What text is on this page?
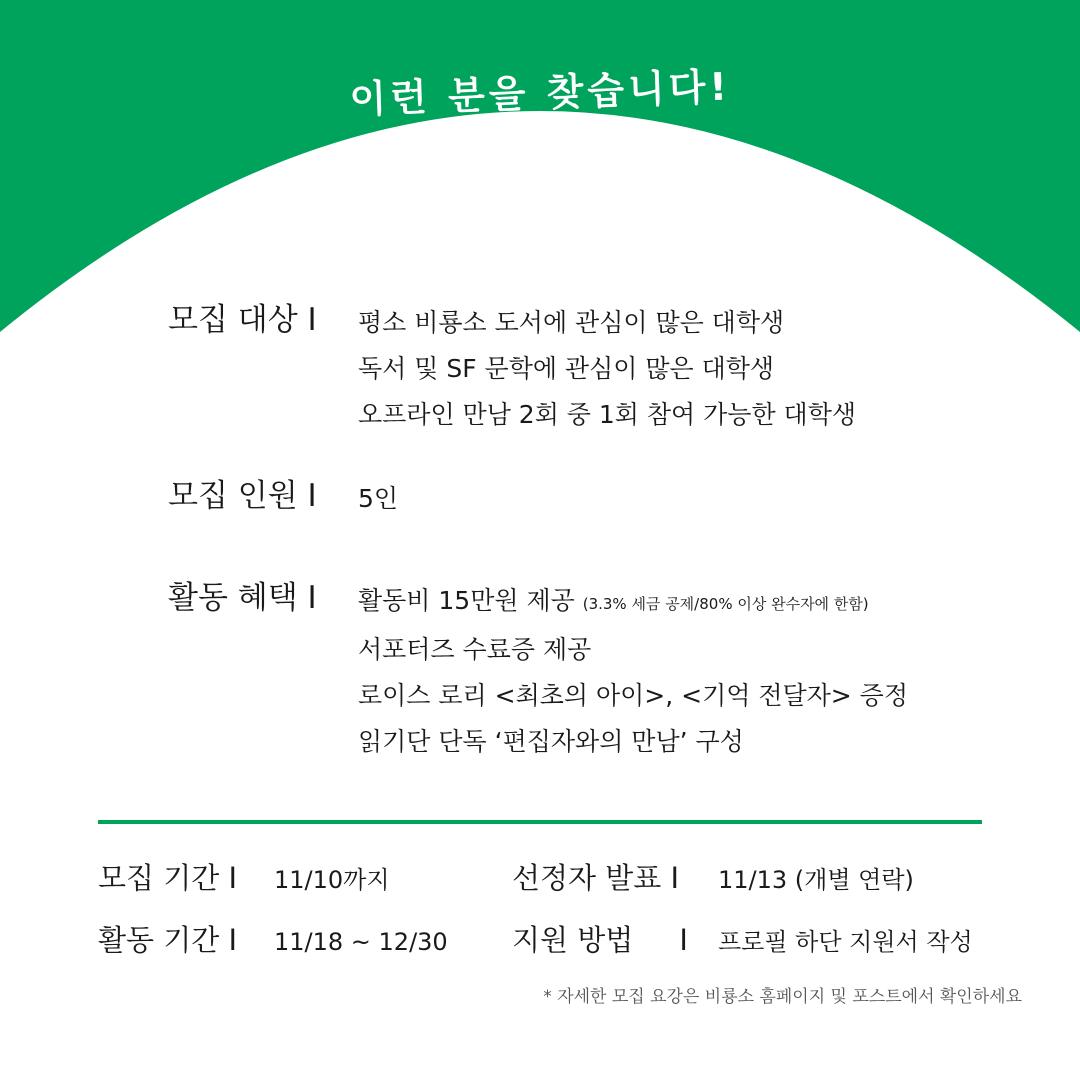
이런 분을 찾습니다!
모집 대상 I	평소 비룡소 도서에 관심이 많은 대학생
독서 및 SF 문학에 관심이 많은 대학생
오프라인 만남 2회 중 1회 참여 가능한 대학생
모집 인원 I	5인
활동 혜택 I	활동비 15만원 제공 (3.3% 세금 공제/80% 이상 완수자에 한함)
서포터즈 수료증 제공
로이스 로리 <최초의 아이>, <기억 전달자> 증정
읽기단 단독 ‘편집자와의 만남’ 구성
모집 기간 I	11/10까지
활동 기간 I	11/18 ~ 12/30
선정자 발표 I	11/13 (개별 연락)
지원 방법     I	프로필 하단 지원서 작성
* 자세한 모집 요강은 비룡소 홈페이지 및 포스트에서 확인하세요
